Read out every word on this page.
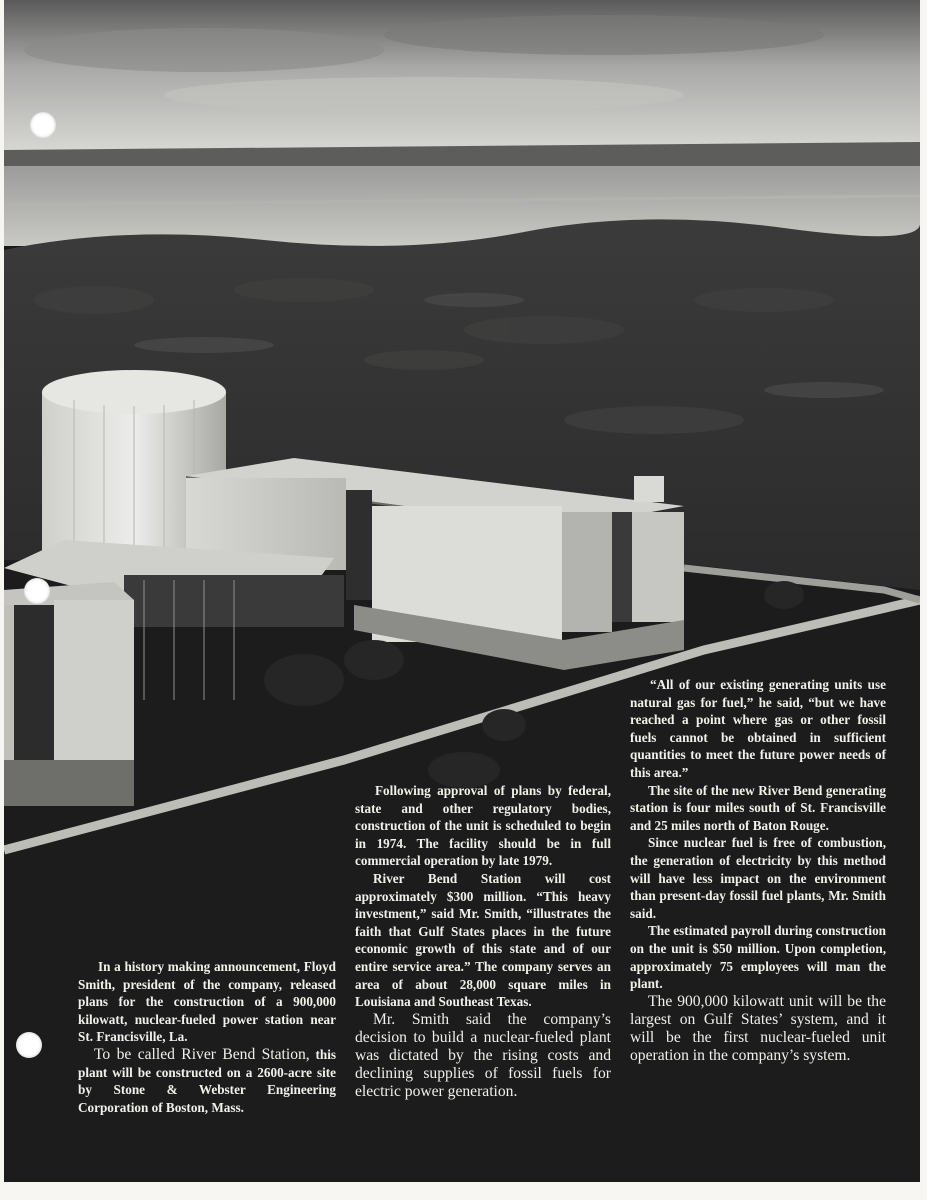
In a history making announcement, Floyd Smith, president of the company, released plans for the construction of a 900,000 kilowatt, nuclear-fueled power station near St. Francisville, La.

To be called River Bend Station, this plant will be constructed on a 2600-acre site by Stone & Webster Engineering Corporation of Boston, Mass.

Following approval of plans by federal, state and other regulatory bodies, construction of the unit is scheduled to begin in 1974. The facility should be in full commercial operation by late 1979.

River Bend Station will cost approximately $300 million. “This heavy investment,” said Mr. Smith, “illustrates the faith that Gulf States places in the future economic growth of this state and of our entire service area.” The company serves an area of about 28,000 square miles in Louisiana and Southeast Texas.

Mr. Smith said the company’s decision to build a nuclear-fueled plant was dictated by the rising costs and declining supplies of fossil fuels for electric power generation.

“All of our existing generating units use natural gas for fuel,” he said, “but we have reached a point where gas or other fossil fuels cannot be obtained in sufficient quantities to meet the future power needs of this area.”

The site of the new River Bend generating station is four miles south of St. Francisville and 25 miles north of Baton Rouge.

Since nuclear fuel is free of combustion, the generation of electricity by this method will have less impact on the environment than present-day fossil fuel plants, Mr. Smith said.

The estimated payroll during construction on the unit is $50 million. Upon completion, approximately 75 employees will man the plant.

The 900,000 kilowatt unit will be the largest on Gulf States’ system, and it will be the first nuclear-fueled unit operation in the company’s system.
